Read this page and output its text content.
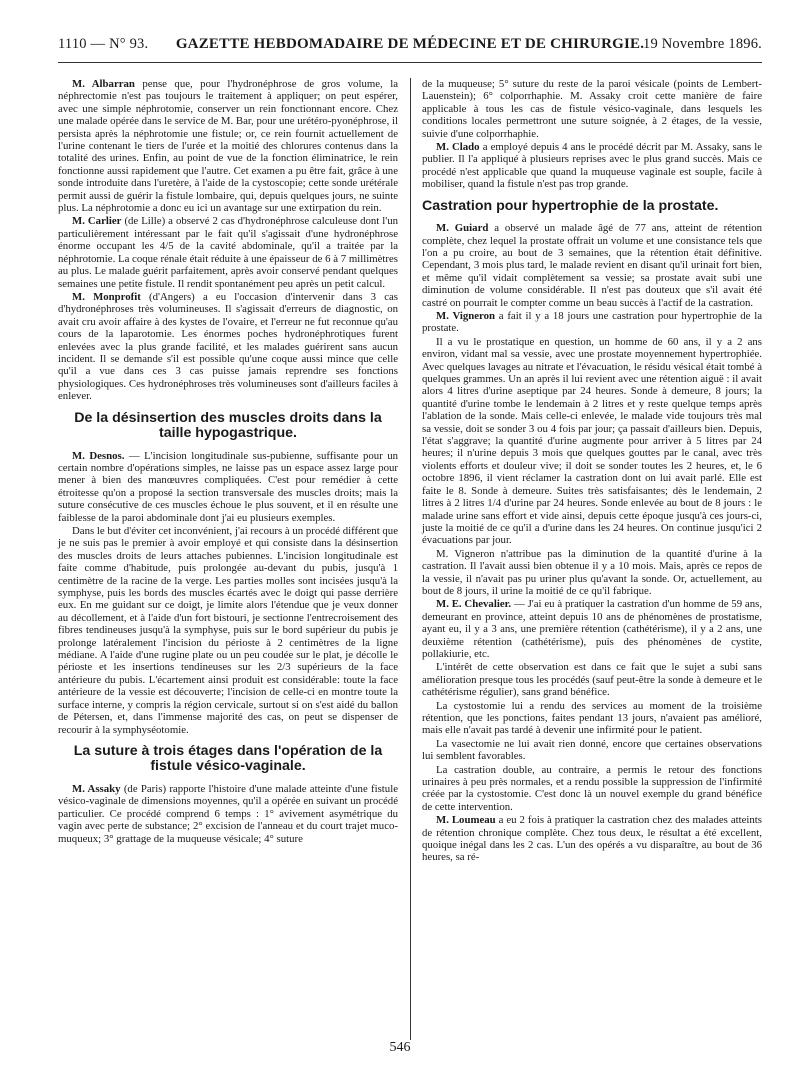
1110 — N° 93.	GAZETTE HEBDOMADAIRE DE MÉDECINE ET DE CHIRURGIE.
19 Novembre 1896.

M. Albarran pense que, pour l'hydronéphrose de gros volume, la néphrectomie n'est pas toujours le traitement à appliquer; on peut espérer, avec une simple néphrotomie, conserver un rein fonctionnant encore. Chez une malade opérée dans le service de M. Bar, pour une urétéro-pyonéphrose, il persista après la néphrotomie une fistule; or, ce rein fournit actuellement de l'urine contenant le tiers de l'urée et la moitié des chlorures contenus dans la totalité des urines. Enfin, au point de vue de la fonction éliminatrice, le rein fonctionne aussi rapidement que l'autre. Cet examen a pu être fait, grâce à une sonde introduite dans l'uretère, à l'aide de la cystoscopie; cette sonde urétérale permit aussi de guérir la fistule lombaire, qui, depuis quelques jours, ne suinte plus. La néphrotomie a donc eu ici un avantage sur une extirpation du rein.

M. Carlier (de Lille) a observé 2 cas d'hydronéphrose calculeuse dont l'un particulièrement intéressant par le fait qu'il s'agissait d'une hydronéphrose énorme occupant les 4/5 de la cavité abdominale, qu'il a traitée par la néphrotomie. La coque rénale était réduite à une épaisseur de 6 à 7 millimètres au plus. Le malade guérit parfaitement, après avoir conservé pendant quelques semaines une petite fistule. Il rendit spontanément peu après un petit calcul.

M. Monprofit (d'Angers) a eu l'occasion d'intervenir dans 3 cas d'hydronéphroses très volumineuses. Il s'agissait d'erreurs de diagnostic, on avait cru avoir affaire à des kystes de l'ovaire, et l'erreur ne fut reconnue qu'au cours de la laparotomie. Les énormes poches hydronéphrotiques furent enlevées avec la plus grande facilité, et les malades guérirent sans aucun incident. Il se demande s'il est possible qu'une coque aussi mince que celle qu'il a vue dans ces 3 cas puisse jamais reprendre ses fonctions physiologiques. Ces hydronéphroses très volumineuses sont d'ailleurs faciles à enlever.

De la désinsertion des muscles droits dans la taille hypogastrique.

M. Desnos. — L'incision longitudinale sus-pubienne, suffisante pour un certain nombre d'opérations simples, ne laisse pas un espace assez large pour mener à bien des manœuvres compliquées. C'est pour remédier à cette étroitesse qu'on a proposé la section transversale des muscles droits; mais la suture consécutive de ces muscles échoue le plus souvent, et il en résulte une faiblesse de la paroi abdominale dont j'ai eu plusieurs exemples.

Dans le but d'éviter cet inconvénient, j'ai recours à un procédé différent que je ne suis pas le premier à avoir employé et qui consiste dans la désinsertion des muscles droits de leurs attaches pubiennes. L'incision longitudinale est faite comme d'habitude, puis prolongée au-devant du pubis, jusqu'à 1 centimètre de la racine de la verge. Les parties molles sont incisées jusqu'à la symphyse, puis les bords des muscles écartés avec le doigt qui passe derrière eux. En me guidant sur ce doigt, je limite alors l'étendue que je veux donner au décollement, et à l'aide d'un fort bistouri, je sectionne l'entrecroisement des fibres tendineuses jusqu'à la symphyse, puis sur le bord supérieur du pubis je prolonge latéralement l'incision du périoste à 2 centimètres de la ligne médiane. A l'aide d'une rugine plate ou un peu coudée sur le plat, je décolle le périoste et les insertions tendineuses sur les 2/3 supérieurs de la face antérieure du pubis. L'écartement ainsi produit est considérable: toute la face antérieure de la vessie est découverte; l'incision de celle-ci en montre toute la surface interne, y compris la région cervicale, surtout si on s'est aidé du ballon de Pétersen, et, dans l'immense majorité des cas, on peut se dispenser de recourir à la symphyséotomie.

La suture à trois étages dans l'opération de la fistule vésico-vaginale.

M. Assaky (de Paris) rapporte l'histoire d'une malade atteinte d'une fistule vésico-vaginale de dimensions moyennes, qu'il a opérée en suivant un procédé particulier. Ce procédé comprend 6 temps : 1° avivement asymétrique du vagin avec perte de substance; 2° excision de l'anneau et du court trajet muco-muqueux; 3° grattage de la muqueuse vésicale; 4° suture

de la muqueuse; 5° suture du reste de la paroi vésicale (points de Lembert-Lauenstein); 6° colporrhaphie. M. Assaky croit cette manière de faire applicable à tous les cas de fistule vésico-vaginale, dans lesquels les conditions locales permettront une suture soignée, à 2 étages, de la vessie, suivie d'une colporrhaphie.

M. Clado a employé depuis 4 ans le procédé décrit par M. Assaky, sans le publier. Il l'a appliqué à plusieurs reprises avec le plus grand succès. Mais ce procédé n'est applicable que quand la muqueuse vaginale est souple, facile à mobiliser, quand la fistule n'est pas trop grande.

Castration pour hypertrophie de la prostate.

M. Guiard a observé un malade âgé de 77 ans, atteint de rétention complète, chez lequel la prostate offrait un volume et une consistance tels que l'on a pu croire, au bout de 3 semaines, que la rétention était définitive. Cependant, 3 mois plus tard, le malade revient en disant qu'il urinait fort bien, et même qu'il vidait complètement sa vessie; sa prostate avait subi une diminution de volume considérable. Il n'est pas douteux que s'il avait été castré on pourrait le compter comme un beau succès à l'actif de la castration.

M. Vigneron a fait il y a 18 jours une castration pour hypertrophie de la prostate.

Il a vu le prostatique en question, un homme de 60 ans, il y a 2 ans environ, vidant mal sa vessie, avec une prostate moyennement hypertrophiée. Avec quelques lavages au nitrate et l'évacuation, le résidu vésical était tombé à quelques grammes. Un an après il lui revient avec une rétention aiguë : il avait alors 4 litres d'urine aseptique par 24 heures. Sonde à demeure, 8 jours; la quantité d'urine tombe le lendemain à 2 litres et y reste quelque temps après l'ablation de la sonde. Mais celle-ci enlevée, le malade vide toujours très mal sa vessie, doit se sonder 3 ou 4 fois par jour; ça passait d'ailleurs bien. Depuis, l'état s'aggrave; la quantité d'urine augmente pour arriver à 5 litres par 24 heures; il n'urine depuis 3 mois que quelques gouttes par le canal, avec très violents efforts et douleur vive; il doit se sonder toutes les 2 heures, et, le 6 octobre 1896, il vient réclamer la castration dont on lui avait parlé. Elle est faite le 8. Sonde à demeure. Suites très satisfaisantes; dès le lendemain, 2 litres à 2 litres 1/4 d'urine par 24 heures. Sonde enlevée au bout de 8 jours : le malade urine sans effort et vide ainsi, depuis cette époque jusqu'à ces jours-ci, juste la moitié de ce qu'il a d'urine dans les 24 heures. On continue jusqu'ici 2 évacuations par jour.

M. Vigneron n'attribue pas la diminution de la quantité d'urine à la castration. Il l'avait aussi bien obtenue il y a 10 mois. Mais, après ce repos de la vessie, il n'avait pas pu uriner plus qu'avant la sonde. Or, actuellement, au bout de 8 jours, il urine la moitié de ce qu'il fabrique.

M. E. Chevalier. — J'ai eu à pratiquer la castration d'un homme de 59 ans, demeurant en province, atteint depuis 10 ans de phénomènes de prostatisme, ayant eu, il y a 3 ans, une première rétention (cathétérisme), il y a 2 ans, une deuxième rétention (cathétérisme), puis des phénomènes de cystite, pollakiurie, etc.

L'intérêt de cette observation est dans ce fait que le sujet a subi sans amélioration presque tous les procédés (sauf peut-être la sonde à demeure et le cathétérisme régulier), sans grand bénéfice.

La cystostomie lui a rendu des services au moment de la troisième rétention, que les ponctions, faites pendant 13 jours, n'avaient pas amélioré, mais elle n'avait pas tardé à devenir une infirmité pour le patient.

La vasectomie ne lui avait rien donné, encore que certaines observations lui semblent favorables.

La castration double, au contraire, a permis le retour des fonctions urinaires à peu près normales, et a rendu possible la suppression de l'infirmité créée par la cystostomie. C'est donc là un nouvel exemple du grand bénéfice de cette intervention.

M. Loumeau a eu 2 fois à pratiquer la castration chez des malades atteints de rétention chronique complète. Chez tous deux, le résultat a été excellent, quoique inégal dans les 2 cas. L'un des opérés a vu disparaître, au bout de 36 heures, sa ré-

546
